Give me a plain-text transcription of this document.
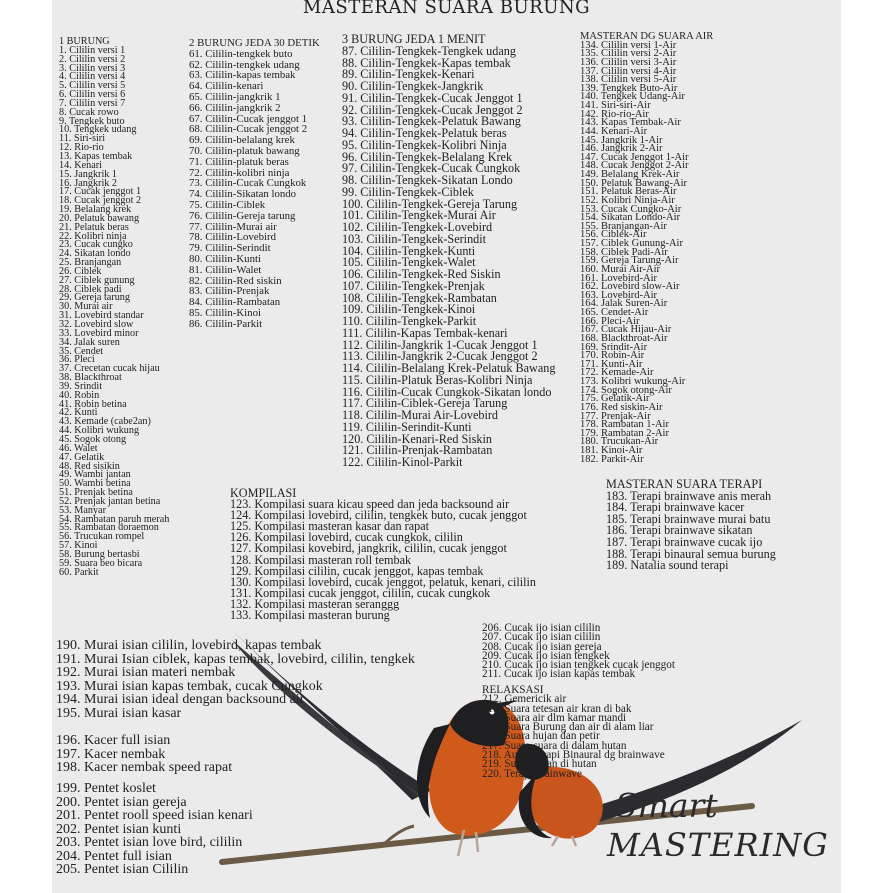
MASTERAN SUARA BURUNG
1 BURUNG
1. Cililin versi 1
2. Cililin versi 2
3. Cililin versi 3
4. Cililin versi 4
5. Cililin versi 5
6. Cililin versi 6
7. Cililin versi 7
8. Cucak rowo
9. Tengkek buto
10. Tengkek udang
11. Siri-siri
12. Rio-rio
13. Kapas tembak
14. Kenari
15. Jangkrik 1
16. Jangkrik 2
17. Cucak jenggot 1
18. Cucak jenggot 2
19. Belalang krek
20. Pelatuk bawang
21. Pelatuk beras
22. Kolibri ninja
23. Cucak cungko
24. Sikatan londo
25. Branjangan
26. Ciblek
27. Ciblek gunung
28. Ciblek padi
29. Gereja tarung
30. Murai air
31. Lovebird standar
32. Lovebird slow
33. Lovebird minor
34. Jalak suren
35. Cendet
36. Pleci
37. Crecetan cucak hijau
38. Blackthroat
39. Srindit
40. Robin
41. Robin betina
42. Kunti
43. Kemade (cabe2an)
44. Kolibri wukung
45. Sogok otong
46. Walet
47. Gelatik
48. Red sisikin
49. Wambi jantan
50. Wambi betina
51. Prenjak betina
52. Prenjak jantan betina
53. Manyar
54. Rambatan paruh merah
55. Rambatan doraemon
56. Trucukan rompel
57. Kinoi
58. Burung bertasbi
59. Suara beo bicara
60. Parkit
2 BURUNG JEDA 30 DETIK
61. Cililin-tengkek buto
62. Cililin-tengkek udang
63. Cililin-kapas tembak
64. Cililin-kenari
65. Cililin-jangkrik 1
66. Cililin-jangkrik 2
67. Cililin-Cucak jenggot 1
68. Cililin-Cucak jenggot 2
69. Cililin-belalang krek
70. Cililin-platuk bawang
71. Cililin-platuk beras
72. Cililin-kolibri ninja
73. Cililin-Cucak Cungkok
74. Cililin-Sikatan londo
75. Cililin-Ciblek
76. Cililin-Gereja tarung
77. Cililin-Murai air
78. Cililin-Lovebird
79. Cililin-Serindit
80. Cililin-Kunti
81. Cililin-Walet
82. Cililin-Red siskin
83. Cililin-Prenjak
84. Cililin-Rambatan
85. Cililin-Kinoi
86. Cililin-Parkit
3 BURUNG JEDA 1 MENIT
87. Cililin-Tengkek-Tengkek udang
88. Cililin-Tengkek-Kapas tembak
89. Cililin-Tengkek-Kenari
90. Cililin-Tengkek-Jangkrik
91. Cililin-Tengkek-Cucak Jenggot 1
92. Cililin-Tengkek-Cucak Jenggot 2
93. Cililin-Tengkek-Pelatuk Bawang
94. Cililin-Tengkek-Pelatuk beras
95. Cililin-Tengkek-Kolibri Ninja
96. Cililin-Tengkek-Belalang Krek
97. Cililin-Tengkek-Cucak Cungkok
98. Cililin-Tengkek-Sikatan Londo
99. Cililin-Tengkek-Ciblek
100. Cililin-Tengkek-Gereja Tarung
101. Cililin-Tengkek-Murai Air
102. Cililin-Tengkek-Lovebird
103. Cililin-Tengkek-Serindit
104. Cililin-Tengkek-Kunti
105. Cililin-Tengkek-Walet
106. Cililin-Tengkek-Red Siskin
107. Cililin-Tengkek-Prenjak
108. Cililin-Tengkek-Rambatan
109. Cililin-Tengkek-Kinoi
110. Cililin-Tengkek-Parkit
111. Cililin-Kapas Tembak-kenari
112. Cililin-Jangkrik 1-Cucak Jenggot 1
113. Cililin-Jangkrik 2-Cucak Jenggot 2
114. Cililin-Belalang Krek-Pelatuk Bawang
115. Cililin-Platuk Beras-Kolibri Ninja
116. Cililin-Cucak Cungkok-Sikatan londo
117. Cililin-Ciblek-Gereja Tarung
118. Cililin-Murai Air-Lovebird
119. Cililin-Serindit-Kunti
120. Cililin-Kenari-Red Siskin
121. Cililin-Prenjak-Rambatan
122. Cililin-Kinol-Parkit
MASTERAN DG SUARA AIR
134. Cililin versi 1-Air
135. Cililin versi 2-Air
136. Cililin versi 3-Air
137. Cililin versi 4-Air
138. Cililin versi 5-Air
139. Tengkek Buto-Air
140. Tengkek Udang-Air
141. Siri-siri-Air
142. Rio-rio-Air
143. Kapas Tembak-Air
144. Kenari-Air
145. Jangkrik 1-Air
146. Jangkrik 2-Air
147. Cucak Jenggot 1-Air
148. Cucak Jenggot 2-Air
149. Belalang Krek-Air
150. Pelatuk Bawang-Air
151. Pelatuk Beras-Air
152. Kolibri Ninja-Air
153. Cucak Cungko-Air
154. Sikatan Londo-Air
155. Branjangan-Air
156. Ciblek-Air
157. Ciblek Gunung-Air
158. Ciblek Padi-Air
159. Gereja Tarung-Air
160. Murai Air-Air
161. Lovebird-Air
162. Lovebird slow-Air
163. Lovebird-Air
164. Jalak Suren-Air
165. Cendet-Air
166. Pleci-Air
167. Cucak Hijau-Air
168. Blackthroat-Air
169. Srindit-Air
170. Robin-Air
171. Kunti-Air
172. Kemade-Air
173. Kolibri wukung-Air
174. Sogok otong-Air
175. Gelatik-Air
176. Red siskin-Air
177. Prenjak-Air
178. Rambatan 1-Air
179. Rambatan 2-Air
180. Trucukan-Air
181. Kinoi-Air
182. Parkit-Air
KOMPILASI
123. Kompilasi suara kicau speed dan jeda backsound air
124. Kompilasi lovebird, cililin, tengkek buto, cucak jenggot
125. Kompilasi masteran kasar dan rapat
126. Kompilasi lovebird, cucak cungkok, cililin
127. Kompilasi kovebird, jangkrik, cililin, cucak jenggot
128. Kompilasi masteran roll tembak
129. Kompilasi cililin, cucak jenggot, kapas tembak
130. Kompilasi lovebird, cucak jenggot, pelatuk, kenari, cililin
131. Kompilasi cucak jenggot, cililin, cucak cungkok
132. Kompilasi masteran seranggg
133. Kompilasi masteran burung
MASTERAN SUARA TERAPI
183. Terapi brainwave anis merah
184. Terapi brainwave kacer
185. Terapi brainwave murai batu
186. Terapi brainwave sikatan
187. Terapi brainwave cucak ijo
188. Terapi binaural semua burung
189. Natalia sound terapi
190. Murai isian cililin, lovebird, kapas tembak
191. Murai Isian ciblek, kapas tembak, lovebird, cililin, tengkek
192. Murai isian materi nembak
193. Murai isian kapas tembak, cucak Cungkok
194. Murai isian ideal dengan backsound air
195. Murai isian kasar
196. Kacer full isian
197. Kacer nembak
198. Kacer nembak speed rapat
199. Pentet koslet
200. Pentet isian gereja
201. Pentet rooll speed isian kenari
202. Pentet isian kunti
203. Pentet isian love bird, cililin
204. Pentet full isian
205. Pentet isian Cililin
206. Cucak ijo isian cililin
207. Cucak ijo isian cililin
208. Cucak ijo isian gereja
209. Cucak ijo isian tengkek
210. Cucak ijo isian tengkek cucak jenggot
211. Cucak ijo isian kapas tembak
RELAKSASI
212. Gemericik air
213. Suara tetesan air kran di bak
214. Suara air dlm kamar mandi
215. Suara Burung dan air di alam liar
216. Suara hujan dan petir
217. Suara-suara di dalam hutan
218. Audio terapi Binaural dg brainwave
219. Suara hujan di hutan
220. Terapi brainwave
Smart
MASTERING
